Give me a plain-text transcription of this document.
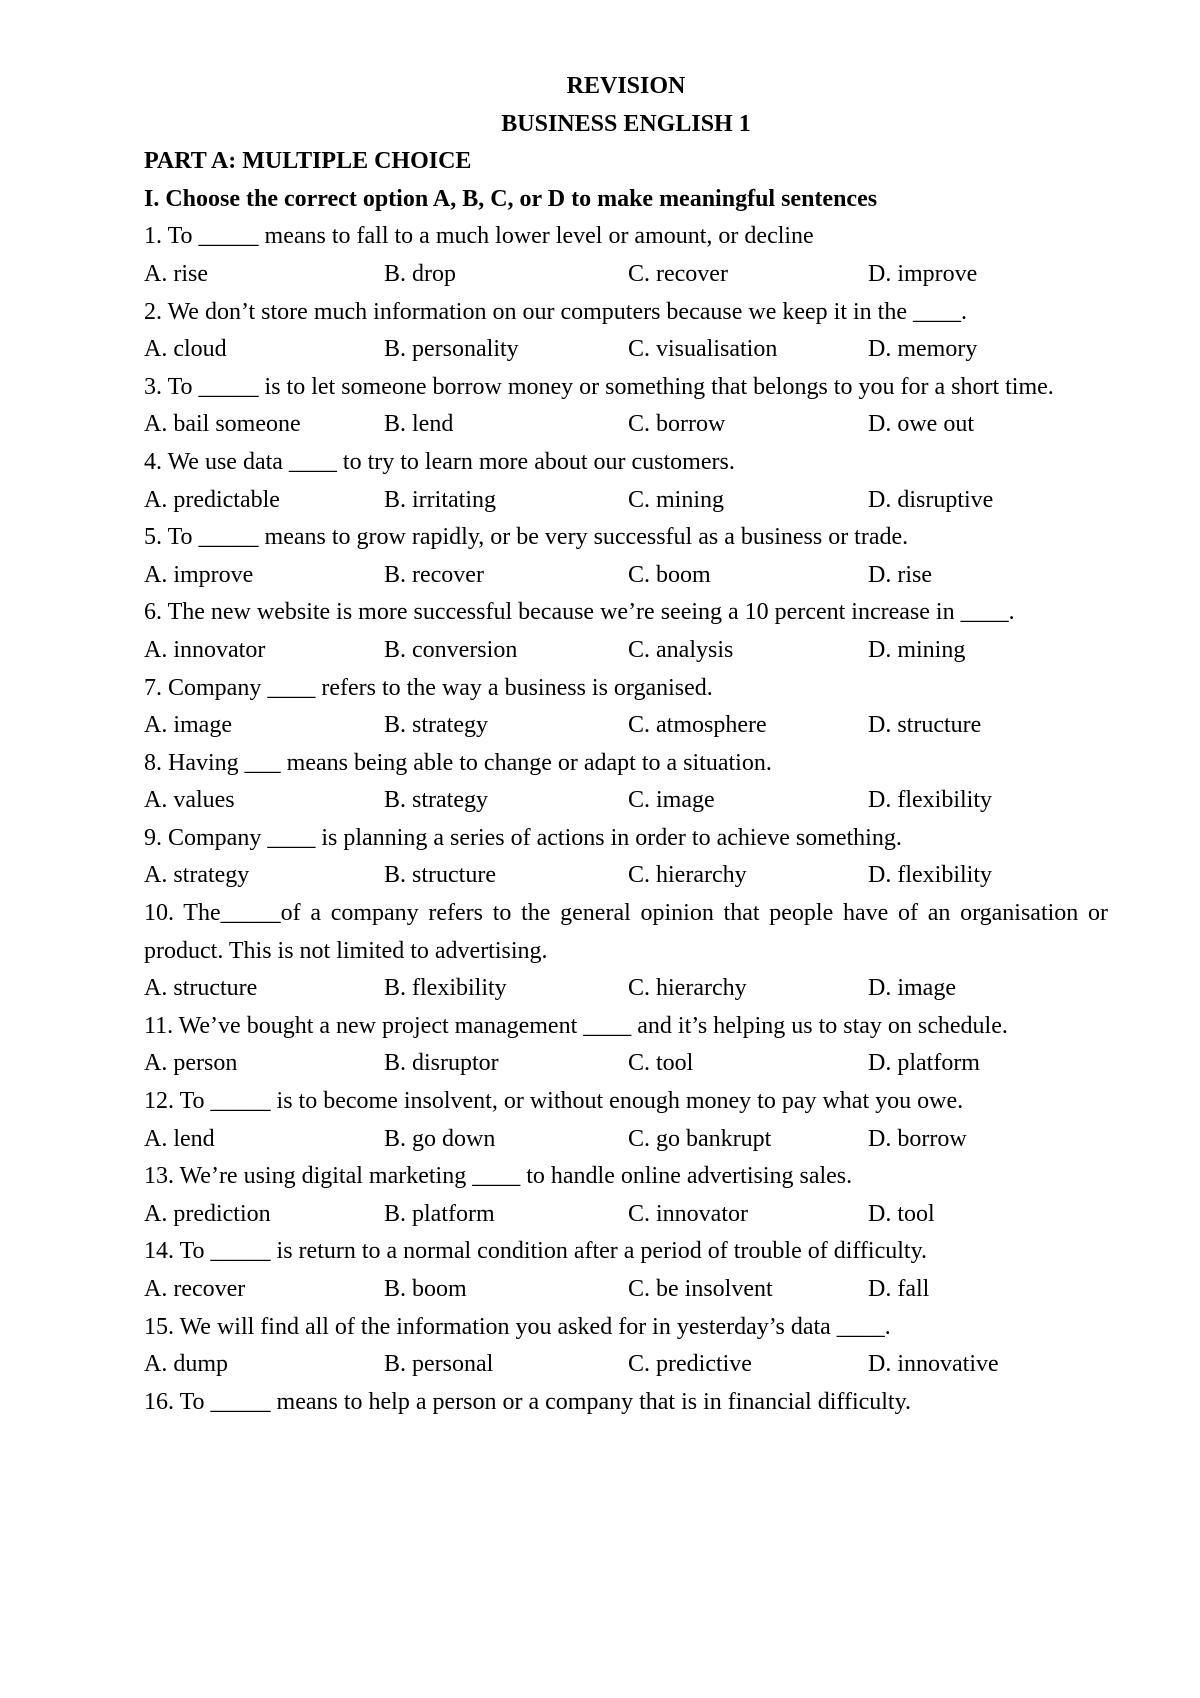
REVISION
BUSINESS ENGLISH 1
PART A: MULTIPLE CHOICE
I. Choose the correct option A, B, C, or D to make meaningful sentences
1. To _____ means to fall to a much lower level or amount, or decline
A. rise	B. drop	C. recover	D. improve
2. We don’t store much information on our computers because we keep it in the ____.
A. cloud	B. personality	C. visualisation	D. memory
3. To _____ is to let someone borrow money or something that belongs to you for a short time.
A. bail someone	B. lend	C. borrow	D. owe out
4. We use data ____ to try to learn more about our customers.
A. predictable	B. irritating	C. mining	D. disruptive
5. To _____ means to grow rapidly, or be very successful as a business or trade.
A. improve	B. recover	C. boom	D. rise
6. The new website is more successful because we’re seeing a 10 percent increase in ____.
A. innovator	B. conversion	C. analysis	D. mining
7. Company ____ refers to the way a business is organised.
A. image	B. strategy	C. atmosphere	D. structure
8. Having ___ means being able to change or adapt to a situation.
A. values	B. strategy	C. image	D. flexibility
9. Company ____ is planning a series of actions in order to achieve something.
A. strategy	B. structure	C. hierarchy	D. flexibility
10. The_____of a company refers to the general opinion that people have of an organisation or product. This is not limited to advertising.
A. structure	B. flexibility	C. hierarchy	D. image
11. We’ve bought a new project management ____ and it’s helping us to stay on schedule.
A. person	B. disruptor	C. tool	D. platform
12. To _____ is to become insolvent, or without enough money to pay what you owe.
A. lend	B. go down	C. go bankrupt	D. borrow
13. We’re using digital marketing ____ to handle online advertising sales.
A. prediction	B. platform	C. innovator	D. tool
14. To _____ is return to a normal condition after a period of trouble of difficulty.
A. recover	B. boom	C. be insolvent	D. fall
15. We will find all of the information you asked for in yesterday’s data ____.
A. dump	B. personal	C. predictive	D. innovative
16. To _____ means to help a person or a company that is in financial difficulty.
